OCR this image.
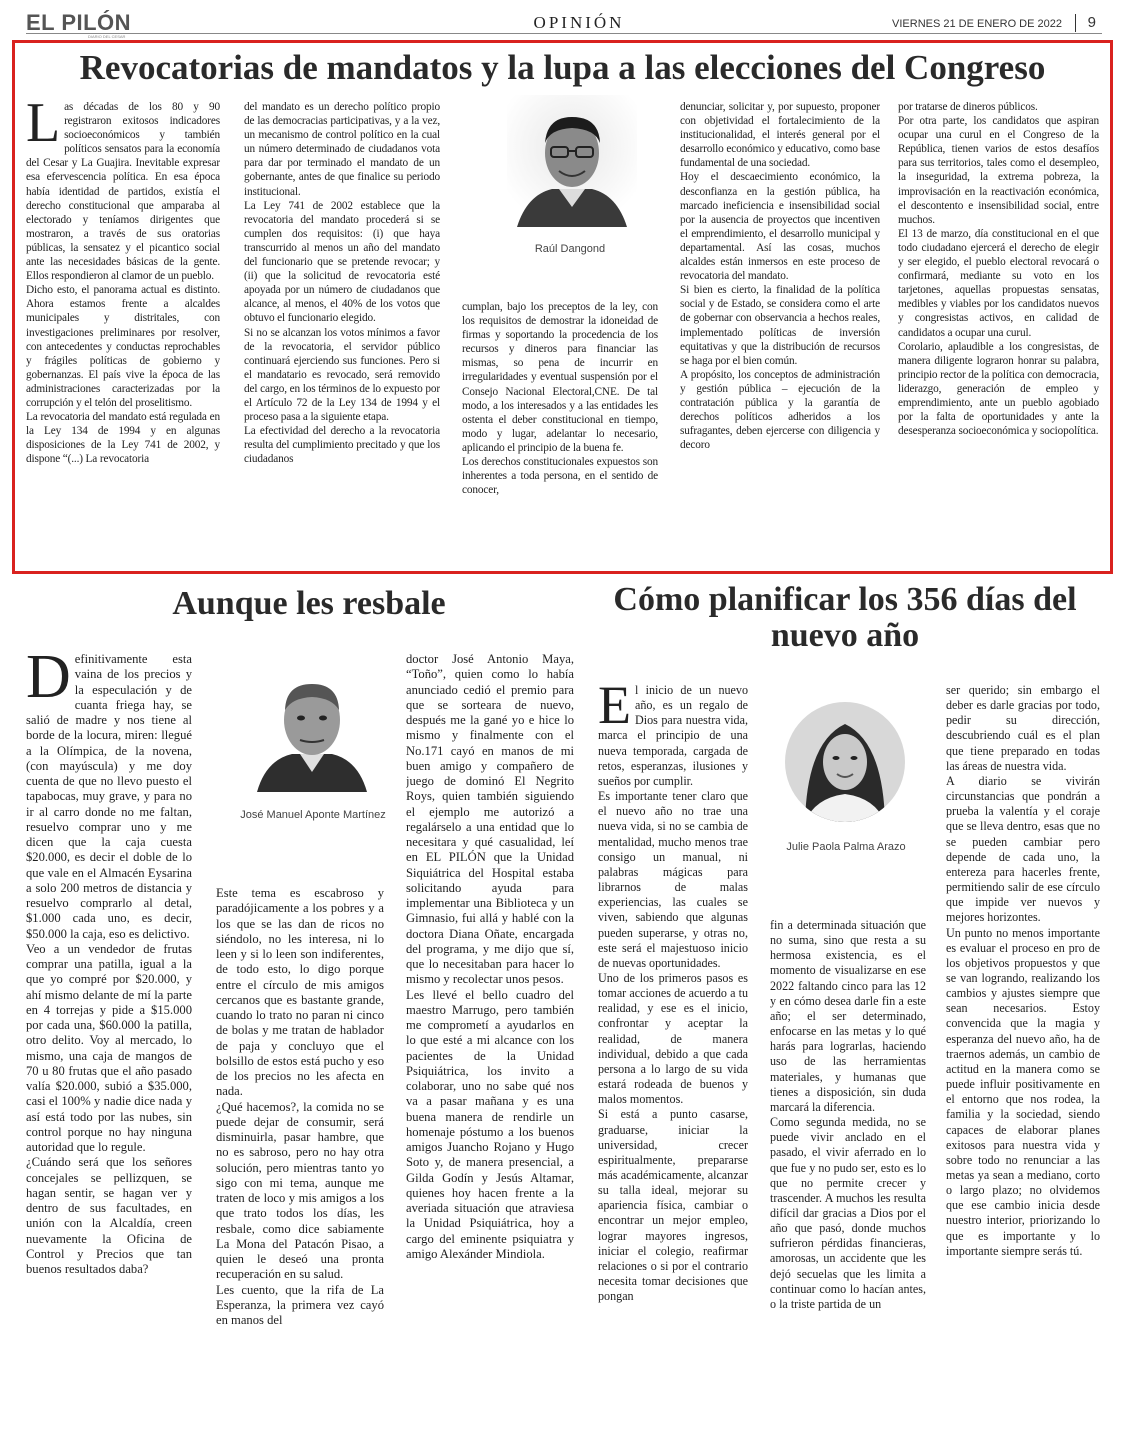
EL PILÓN
DIARIO DEL CESAR
OPINIÓN	VIERNES 21 DE ENERO DE 2022	9
Revocatorias de mandatos y la lupa a las elecciones del Congreso
L as décadas de los 80 y 90 registraron exitosos indicadores socioeconómicos y también políticos sensatos para la economía del Cesar y La Guajira. Inevitable expresar esa efervescencia política. En esa época había identidad de partidos, existía el derecho constitucional que amparaba al electorado y teníamos dirigentes que mostraron, a través de sus oratorias públicas, la sensatez y el picantico social ante las necesidades básicas de la gente. Ellos respondieron al clamor de un pueblo.

Dicho esto, el panorama actual es distinto. Ahora estamos frente a alcaldes municipales y distritales, con investigaciones preliminares por resolver, con antecedentes y conductas reprochables y frágiles políticas de gobierno y gobernanzas. El país vive la época de las administraciones caracterizadas por la corrupción y el telón del proselitismo.

La revocatoria del mandato está regulada en la Ley 134 de 1994 y en algunas disposiciones de la Ley 741 de 2002, y dispone “(...) La revocatoria

del mandato es un derecho político propio de las democracias participativas, y a la vez, un mecanismo de control político en la cual un número determinado de ciudadanos vota para dar por terminado el mandato de un gobernante, antes de que finalice su periodo institucional.

La Ley 741 de 2002 establece que la revocatoria del mandato procederá si se cumplen dos requisitos: (i) que haya transcurrido al menos un año del mandato del funcionario que se pretende revocar; y (ii) que la solicitud de revocatoria esté apoyada por un número de ciudadanos que alcance, al menos, el 40% de los votos que obtuvo el funcionario elegido.

Si no se alcanzan los votos mínimos a favor de la revocatoria, el servidor público continuará ejerciendo sus funciones. Pero si el mandatario es revocado, será removido del cargo, en los términos de lo expuesto por el Artículo 72 de la Ley 134 de 1994 y el proceso pasa a la siguiente etapa.

La efectividad del derecho a la revocatoria resulta del cumplimiento precitado y que los ciudadanos

Raúl Dangond

cumplan, bajo los preceptos de la ley, con los requisitos de demostrar la idoneidad de firmas y soportando la procedencia de los recursos y dineros para financiar las mismas, so pena de incurrir en irregularidades y eventual suspensión por el Consejo Nacional Electoral,CNE. De tal modo, a los interesados y a las entidades les ostenta el deber constitucional en tiempo, modo y lugar, adelantar lo necesario, aplicando el principio de la buena fe.

Los derechos constitucionales expuestos son inherentes a toda persona, en el sentido de conocer,

denunciar, solicitar y, por supuesto, proponer con objetividad el fortalecimiento de la institucionalidad, el interés general por el desarrollo económico y educativo, como base fundamental de una sociedad.

Hoy el descaecimiento económico, la desconfianza en la gestión pública, ha marcado ineficiencia e insensibilidad social por la ausencia de proyectos que incentiven el emprendimiento, el desarrollo municipal y departamental. Así las cosas, muchos alcaldes están inmersos en este proceso de revocatoria del mandato.

Si bien es cierto, la finalidad de la política social y de Estado, se considera como el arte de gobernar con observancia a hechos reales, implementado políticas de inversión equitativas y que la distribución de recursos se haga por el bien común.

A propósito, los conceptos de administración y gestión pública – ejecución de la contratación pública y la garantía de derechos políticos adheridos a los sufragantes, deben ejercerse con diligencia y decoro

por tratarse de dineros públicos.

Por otra parte, los candidatos que aspiran ocupar una curul en el Congreso de la República, tienen varios de estos desafíos para sus territorios, tales como el desempleo, la inseguridad, la extrema pobreza, la improvisación en la reactivación económica, el descontento e insensibilidad social, entre muchos.

El 13 de marzo, día constitucional en el que todo ciudadano ejercerá el derecho de elegir y ser elegido, el pueblo electoral revocará o confirmará, mediante su voto en los tarjetones, aquellas propuestas sensatas, medibles y viables por los candidatos nuevos y congresistas activos, en calidad de candidatos a ocupar una curul.

Corolario, aplaudible a los congresistas, de manera diligente lograron honrar su palabra, principio rector de la política con democracia, liderazgo, generación de empleo y emprendimiento, ante un pueblo agobiado por la falta de oportunidades y ante la desesperanza socioeconómica y sociopolítica.

Aunque les resbale
D efinitivamente esta vaina de los precios y la especulación y de cuanta friega hay, se salió de madre y nos tiene al borde de la locura, miren: llegué a la Olímpica, de la novena, (con mayúscula) y me doy cuenta de que no llevo puesto el tapabocas, muy grave, y para no ir al carro donde no me faltan, resuelvo comprar uno y me dicen que la caja cuesta $20.000, es decir el doble de lo que vale en el Almacén Eysarina a solo 200 metros de distancia y resuelvo comprarlo al detal, $1.000 cada uno, es decir, $50.000 la caja, eso es delictivo.

Veo a un vendedor de frutas comprar una patilla, igual a la que yo compré por $20.000, y ahí mismo delante de mí la parte en 4 torrejas y pide a $15.000 por cada una, $60.000 la patilla, otro delito. Voy al mercado, lo mismo, una caja de mangos de 70 u 80 frutas que el año pasado valía $20.000, subió a $35.000, casi el 100% y nadie dice nada y así está todo por las nubes, sin control porque no hay ninguna autoridad que lo regule.

¿Cuándo será que los señores concejales se pellizquen, se hagan sentir, se hagan ver y dentro de sus facultades, en unión con la Alcaldía, creen nuevamente la Oficina de Control y Precios que tan buenos resultados daba?

José Manuel Aponte Martínez

Este tema es escabroso y paradójicamente a los pobres y a los que se las dan de ricos no siéndolo, no les interesa, ni lo leen y si lo leen son indiferentes, de todo esto, lo digo porque entre el círculo de mis amigos cercanos que es bastante grande, cuando lo trato no paran ni cinco de bolas y me tratan de hablador de paja y concluyo que el bolsillo de estos está pucho y eso de los precios no les afecta en nada.

¿Qué hacemos?, la comida no se puede dejar de consumir, será disminuirla, pasar hambre, que no es sabroso, pero no hay otra solución, pero mientras tanto yo sigo con mi tema, aunque me traten de loco y mis amigos a los que trato todos los días, les resbale, como dice sabiamente La Mona del Patacón Pisao, a quien le deseó una pronta recuperación en su salud.

Les cuento, que la rifa de La Esperanza, la primera vez cayó en manos del

doctor José Antonio Maya, “Toño”, quien como lo había anunciado cedió el premio para que se sorteara de nuevo, después me la gané yo e hice lo mismo y finalmente con el No.171 cayó en manos de mi buen amigo y compañero de juego de dominó El Negrito Roys, quien también siguiendo el ejemplo me autorizó a regalárselo a una entidad que lo necesitara y qué casualidad, leí en EL PILÓN que la Unidad Siquiátrica del Hospital estaba solicitando ayuda para implementar una Biblioteca y un Gimnasio, fui allá y hablé con la doctora Diana Oñate, encargada del programa, y me dijo que sí, que lo necesitaban para hacer lo mismo y recolectar unos pesos.

Les llevé el bello cuadro del maestro Marrugo, pero también me comprometí a ayudarlos en lo que esté a mi alcance con los pacientes de la Unidad Psiquiátrica, los invito a colaborar, uno no sabe qué nos va a pasar mañana y es una buena manera de rendirle un homenaje póstumo a los buenos amigos Juancho Rojano y Hugo Soto y, de manera presencial, a Gilda Godín y Jesús Altamar, quienes hoy hacen frente a la averiada situación que atraviesa la Unidad Psiquiátrica, hoy a cargo del eminente psiquiatra y amigo Alexánder Mindiola.

Cómo planificar los 356 días del nuevo año
E l inicio de un nuevo año, es un regalo de Dios para nuestra vida, marca el principio de una nueva temporada, cargada de retos, esperanzas, ilusiones y sueños por cumplir.

Es importante tener claro que el nuevo año no trae una nueva vida, si no se cambia de mentalidad, mucho menos trae consigo un manual, ni palabras mágicas para librarnos de malas experiencias, las cuales se viven, sabiendo que algunas pueden superarse, y otras no, este será el majestuoso inicio de nuevas oportunidades.

Uno de los primeros pasos es tomar acciones de acuerdo a tu realidad, y ese es el inicio, confrontar y aceptar la realidad, de manera individual, debido a que cada persona a lo largo de su vida estará rodeada de buenos y malos momentos.

Si está a punto casarse, graduarse, iniciar la universidad, crecer espiritualmente, prepararse más académicamente, alcanzar su talla ideal, mejorar su apariencia física, cambiar o encontrar un mejor empleo, lograr mayores ingresos, iniciar el colegio, reafirmar relaciones o si por el contrario necesita tomar decisiones que pongan

Julie Paola Palma Arazo

fin a determinada situación que no suma, sino que resta a su hermosa existencia, es el momento de visualizarse en ese 2022 faltando cinco para las 12 y en cómo desea darle fin a este año; el ser determinado, enfocarse en las metas y lo qué harás para lograrlas, haciendo uso de las herramientas materiales, y humanas que tienes a disposición, sin duda marcará la diferencia.

Como segunda medida, no se puede vivir anclado en el pasado, el vivir aferrado en lo que fue y no pudo ser, esto es lo que no permite crecer y trascender. A muchos les resulta difícil dar gracias a Dios por el año que pasó, donde muchos sufrieron pérdidas financieras, amorosas, un accidente que les dejó secuelas que les limita a continuar como lo hacían antes, o la triste partida de un

ser querido; sin embargo el deber es darle gracias por todo, pedir su dirección, descubriendo cuál es el plan que tiene preparado en todas las áreas de nuestra vida.

A diario se vivirán circunstancias que pondrán a prueba la valentía y el coraje que se lleva dentro, esas que no se pueden cambiar pero depende de cada uno, la entereza para hacerles frente, permitiendo salir de ese círculo que impide ver nuevos y mejores horizontes.

Un punto no menos importante es evaluar el proceso en pro de los objetivos propuestos y que se van logrando, realizando los cambios y ajustes siempre que sean necesarios. Estoy convencida que la magia y esperanza del nuevo año, ha de traernos además, un cambio de actitud en la manera como se puede influir positivamente en el entorno que nos rodea, la familia y la sociedad, siendo capaces de elaborar planes exitosos para nuestra vida y sobre todo no renunciar a las metas ya sean a mediano, corto o largo plazo; no olvidemos que ese cambio inicia desde nuestro interior, priorizando lo que es importante y lo importante siempre serás tú.
